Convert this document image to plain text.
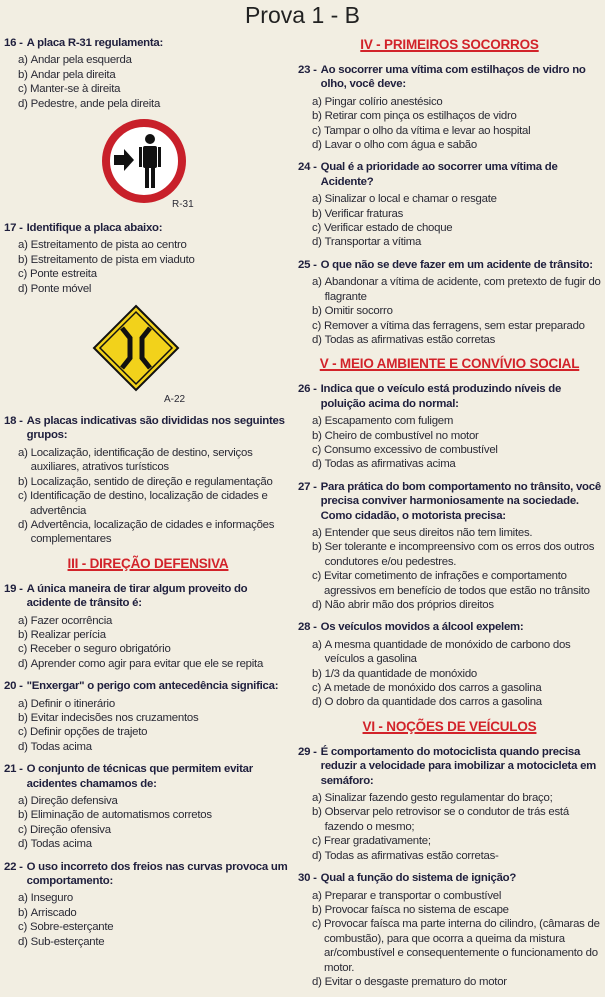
Prova 1 - B
16 - A placa R-31 regulamenta:
a) Andar pela esquerda
b) Andar pela direita
c) Manter-se à direita
d) Pedestre, ande pela direita
R-31
17 - Identifique a placa abaixo:
a) Estreitamento de pista ao centro
b) Estreitamento de pista em viaduto
c) Ponte estreita
d) Ponte móvel
A-22
18 - As placas indicativas são divididas nos seguintes grupos:
a) Localização, identificação de destino, serviços auxiliares, atrativos turísticos
b) Localização, sentido de direção e regulamentação
c) Identificação de destino, localização de cidades e advertência
d) Advertência, localização de cidades e informações complementares
III - DIREÇÃO DEFENSIVA
19 - A única maneira de tirar algum proveito do acidente de trânsito é:
a) Fazer ocorrência
b) Realizar perícia
c) Receber o seguro obrigatório
d) Aprender como agir para evitar que ele se repita
20 - "Enxergar" o perigo com antecedência significa:
a) Definir o itinerário
b) Evitar indecisões nos cruzamentos
c) Definir opções de trajeto
d) Todas acima
21 - O conjunto de técnicas que permitem evitar acidentes chamamos de:
a) Direção defensiva
b) Eliminação de automatismos corretos
c) Direção ofensiva
d) Todas acima
22 - O uso incorreto dos freios nas curvas provoca um comportamento:
a) Inseguro
b) Arriscado
c) Sobre-esterçante
d) Sub-esterçante
IV - PRIMEIROS SOCORROS
23 - Ao socorrer uma vítima com estilhaços de vidro no olho, você deve:
a) Pingar colírio anestésico
b) Retirar com pinça os estilhaços de vidro
c) Tampar o olho da vítima e levar ao hospital
d) Lavar o olho com água e sabão
24 - Qual é a prioridade ao socorrer uma vítima de Acidente?
a) Sinalizar o local e chamar o resgate
b) Verificar fraturas
c) Verificar estado de choque
d) Transportar a vítima
25 - O que não se deve fazer em um acidente de trânsito:
a) Abandonar a vítima de acidente, com pretexto de fugir do flagrante
b) Omitir socorro
c) Remover a vítima das ferragens, sem estar preparado
d) Todas as afirmativas estão corretas
V - MEIO AMBIENTE E CONVÍVIO SOCIAL
26 - Indica que o veículo está produzindo níveis de poluição acima do normal:
a) Escapamento com fuligem
b) Cheiro de combustível no motor
c) Consumo excessivo de combustível
d) Todas as afirmativas acima
27 - Para prática do bom comportamento no trânsito, você precisa conviver harmoniosamente na sociedade. Como cidadão, o motorista precisa:
a) Entender que seus direitos não tem limites.
b) Ser tolerante e incompreensivo com os erros dos outros condutores e/ou pedestres.
c) Evitar cometimento de infrações e comportamento agressivos em benefício de todos que estão no trânsito
d) Não abrir mão dos próprios direitos
28 - Os veículos movidos a álcool expelem:
a) A mesma quantidade de monóxido de carbono dos veículos a gasolina
b) 1/3 da quantidade de monóxido
c) A metade de monóxido dos carros a gasolina
d) O dobro da quantidade dos carros a gasolina
VI - NOÇÕES DE VEÍCULOS
29 - É comportamento do motociclista quando precisa reduzir a velocidade para imobilizar a motocicleta em semáforo:
a) Sinalizar fazendo gesto regulamentar do braço;
b) Observar pelo retrovisor se o condutor de trás está fazendo o mesmo;
c) Frear gradativamente;
d) Todas as afirmativas estão corretas-
30 - Qual a função do sistema de ignição?
a) Preparar e transportar o combustível
b) Provocar faísca no sistema de escape
c) Provocar faísca ma parte interna do cilindro, (câmaras de combustão), para que ocorra a queima da mistura ar/combustível e consequentemente o funcionamento do motor.
d) Evitar o desgaste prematuro do motor
